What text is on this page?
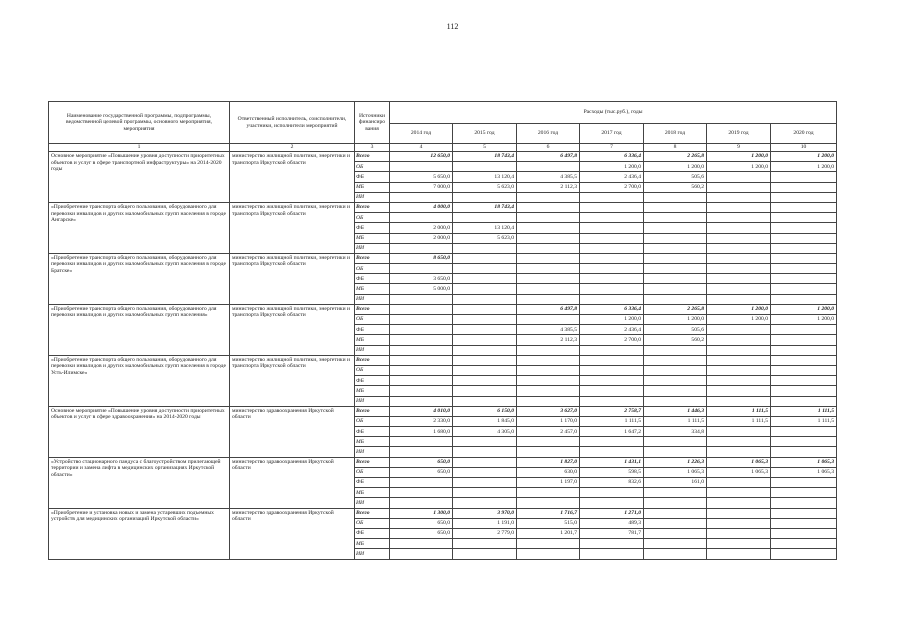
112
Наименование государственной программы, подпрограммы, ведомственной целевой программы, основного мероприятия, мероприятия	Ответственный исполнитель, соисполнители, участники, исполнители мероприятий	Источники финансиро вания	Расходы (тыс.руб.), годы						
			2014 год	2015 год	2016 год	2017 год	2018 год	2019 год	2020 год
1	2	3	4	5	6	7	8	9	10
Основное мероприятие «Повышение уровня доступности приоритетных объектов и услуг в сфере транспортной инфраструктуры» на 2014-2020 годы	министерство жилищной политики, энергетики и транспорта Иркутской области	Всего	12 650,0	18 743,4	6 497,8	6 336,4	2 265,8	1 200,0	1 200,0
		ОБ				1 200,0	1 200,0	1 200,0	1 200,0
		ФБ	5 650,0	13 120,4	4 385,5	2 436,4	505,6		
		МБ	7 000,0	5 623,0	2 112,3	2 700,0	560,2		
		ИИ							
«Приобретение транспорта общего пользования, оборудованного для перевозки инвалидов и других маломобильных групп населения в городе Ангарске»	министерство жилищной политики, энергетики и транспорта Иркутской области	Всего	4 000,0	18 743,4					
		ОБ							
		ФБ	2 000,0	13 120,4					
		МБ	2 000,0	5 623,0					
		ИИ							
«Приобретение транспорта общего пользования, оборудованного для перевозки инвалидов и других маломобильных групп населения в городе Братске»	министерство жилищной политики, энергетики и транспорта Иркутской области	Всего	8 650,0						
		ОБ							
		ФБ	3 650,0						
		МБ	5 000,0						
		ИИ							
«Приобретение транспорта общего пользования, оборудованного для перевозки инвалидов и других маломобильных групп населения»	министерство жилищной политики, энергетики и транспорта Иркутской области	Всего			6 497,8	6 336,4	2 265,8	1 200,0	1 200,0
		ОБ				1 200,0	1 200,0	1 200,0	1 200,0
		ФБ			4 385,5	2 436,4	505,6		
		МБ			2 112,3	2 700,0	560,2		
		ИИ							
«Приобретение транспорта общего пользования, оборудованного для перевозки инвалидов и других маломобильных групп населения в городе Усть-Илимске»	министерство жилищной политики, энергетики и транспорта Иркутской области	Всего							
		ОБ							
		ФБ							
		МБ							
		ИИ							
Основное мероприятие «Повышение уровня доступности приоритетных объектов и услуг в сфере здравоохранения» на 2014-2020 годы	министерство здравоохранения Иркутской области	Всего	4 010,0	6 150,0	3 627,0	2 758,7	1 446,3	1 111,5	1 111,5
		ОБ	2 330,0	1 845,0	1 170,0	1 111,5	1 111,5	1 111,5	1 111,5
		ФБ	1 680,0	4 305,0	2 457,0	1 647,2	334,8		
		МБ							
		ИИ							
«Устройство стационарного пандуса с благоустройством прилегающей территории и замена лифта в медицинских организациях Иркутской области»	министерство здравоохранения Иркутской области	Всего	650,0		1 827,0	1 431,1	1 226,3	1 065,3	1 065,3
		ОБ	650,0		630,0	598,5	1 065,3	1 065,3	1 065,3
		ФБ			1 197,0	832,6	161,0		
		МБ							
		ИИ							
«Приобретение и установка новых и замена устаревших подъемных устройств для медицинских организаций Иркутской области»	министерство здравоохранения Иркутской области	Всего	1 300,0	3 970,0	1 716,7	1 271,0			
		ОБ	650,0	1 191,0	515,0	489,3			
		ФБ	650,0	2 779,0	1 201,7	781,7			
		МБ							
		ИИ							
